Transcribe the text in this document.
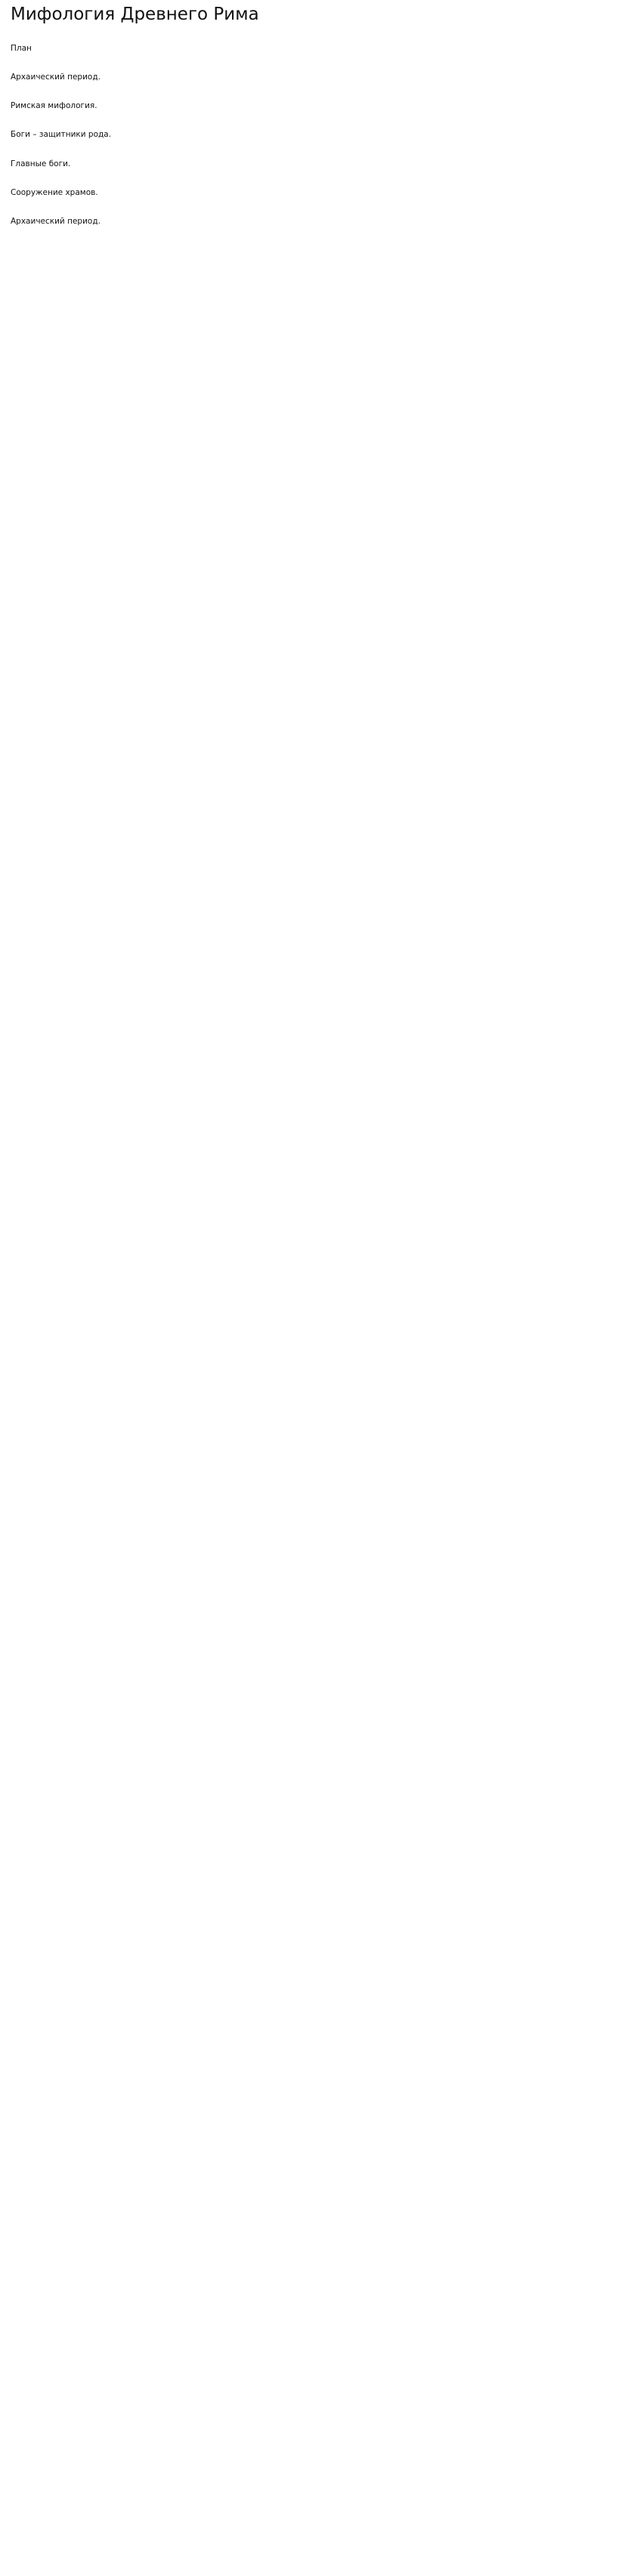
Мифология Древнего Рима
План
Архаический период.
Римская мифология.
Боги – защитники рода.
Главные боги.
Сооружение храмов.
Архаический период.
